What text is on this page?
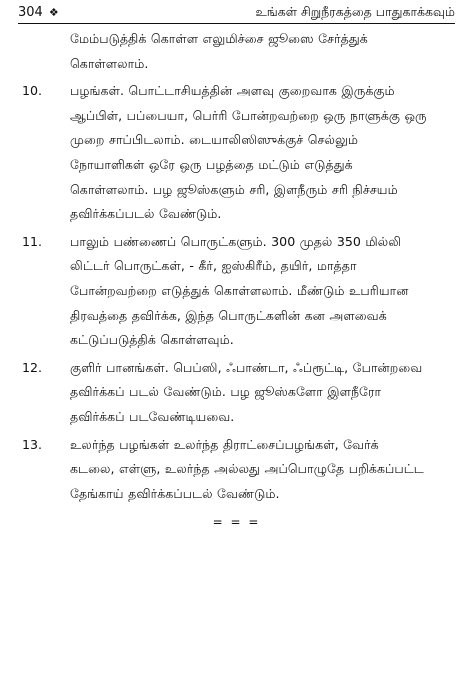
304 ❖	உங்கள் சிறுநீரகத்தை பாதுகாக்கவும்

மேம்படுத்திக் கொள்ள எலுமிச்சை ஜூஸை சேர்த்துக்
கொள்ளலாம்.

10.	பழங்கள். பொட்டாசியத்தின் அளவு குறைவாக இருக்கும்
ஆப்பிள், பப்பையா, பெர்ரி போன்றவற்றை ஒரு நாளுக்கு ஒரு
முறை சாப்பிடலாம். டையாலிஸிஸுக்குச் செல்லும்
நோயாளிகள் ஒரே ஒரு பழத்தை மட்டும் எடுத்துக்
கொள்ளலாம். பழ ஜூஸ்களும் சரி, இளநீரும் சரி நிச்சயம்
தவிர்க்கப்படல் வேண்டும்.

11.	பாலும் பண்ணைப் பொருட்களும். 300 முதல் 350 மில்லி
லிட்டர் பொருட்கள், - கீர், ஐஸ்கிரீம், தயிர், மாத்தா
போன்றவற்றை எடுத்துக் கொள்ளலாம். மீண்டும் உபரியான
திரவத்தை தவிர்க்க, இந்த பொருட்களின் கன அளவைக்
கட்டுப்படுத்திக் கொள்ளவும்.

12.	குளிர் பானங்கள். பெப்ஸி, ஃபாண்டா, ஃப்ரூட்டி, போன்றவை
தவிர்க்கப் படல் வேண்டும். பழ ஜூஸ்களோ இளநீரோ
தவிர்க்கப் படவேண்டியவை.

13.	உலர்ந்த பழங்கள் உலர்ந்த திராட்சைப்பழங்கள், வேர்க்
கடலை, எள்ளு, உலர்ந்த அல்லது அப்பொழுதே பறிக்கப்பட்ட
தேங்காய் தவிர்க்கப்படல் வேண்டும்.

= = =
